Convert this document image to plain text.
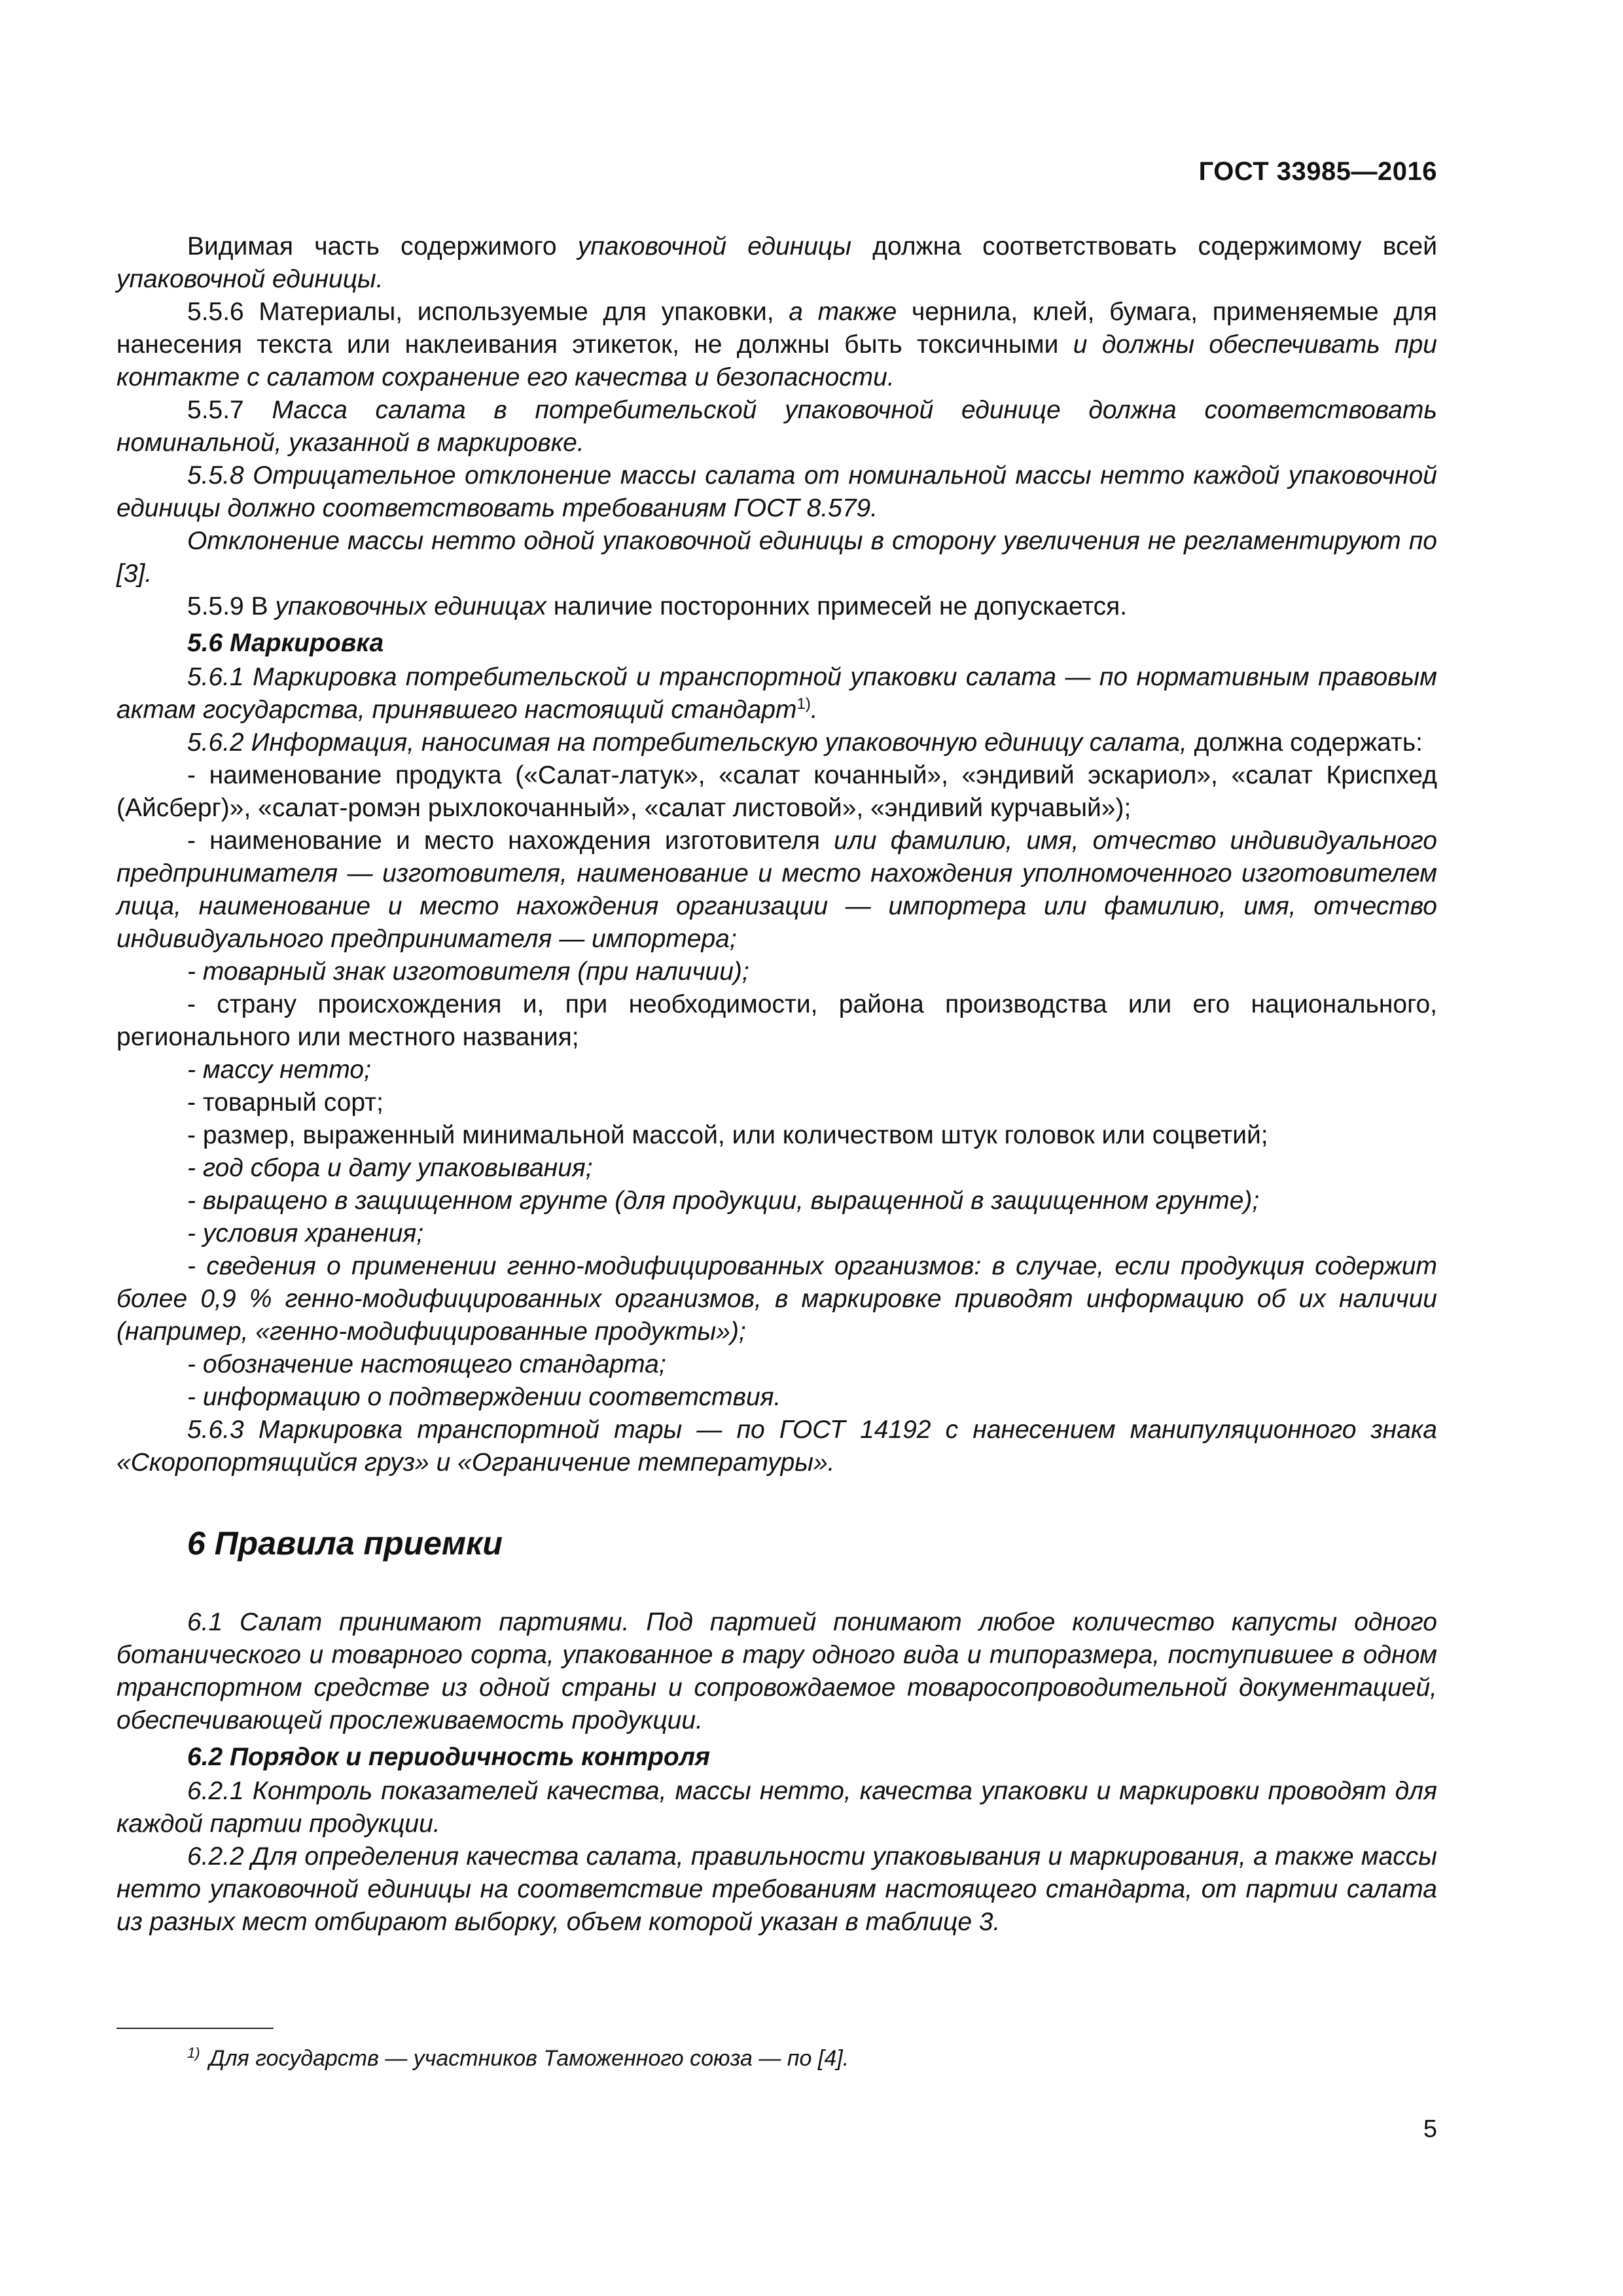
ГОСТ 33985—2016

Видимая часть содержимого упаковочной единицы должна соответствовать содержимому всей упаковочной единицы.

5.5.6 Материалы, используемые для упаковки, а также чернила, клей, бумага, применяемые для нанесения текста или наклеивания этикеток, не должны быть токсичными и должны обеспечивать при контакте с салатом сохранение его качества и безопасности.

5.5.7 Масса салата в потребительской упаковочной единице должна соответствовать номинальной, указанной в маркировке.

5.5.8 Отрицательное отклонение массы салата от номинальной массы нетто каждой упаковочной единицы должно соответствовать требованиям ГОСТ 8.579.

Отклонение массы нетто одной упаковочной единицы в сторону увеличения не регламентируют по [3].

5.5.9 В упаковочных единицах наличие посторонних примесей не допускается.

5.6 Маркировка

5.6.1 Маркировка потребительской и транспортной упаковки салата — по нормативным правовым актам государства, принявшего настоящий стандарт$^{1)}$.

5.6.2 Информация, наносимая на потребительскую упаковочную единицу салата, должна содержать:

- наименование продукта («Салат-латук», «салат кочанный», «эндивий эскариол», «салат Криспхед (Айсберг)», «салат-ромэн рыхлокочанный», «салат листовой», «эндивий курчавый»);

- наименование и место нахождения изготовителя или фамилию, имя, отчество индивидуального предпринимателя — изготовителя, наименование и место нахождения уполномоченного изготовителем лица, наименование и место нахождения организации — импортера или фамилию, имя, отчество индивидуального предпринимателя — импортера;

- товарный знак изготовителя (при наличии);

- страну происхождения и, при необходимости, района производства или его национального, регионального или местного названия;

- массу нетто;

- товарный сорт;

- размер, выраженный минимальной массой, или количеством штук головок или соцветий;

- год сбора и дату упаковывания;

- выращено в защищенном грунте (для продукции, выращенной в защищенном грунте);

- условия хранения;

- сведения о применении генно-модифицированных организмов: в случае, если продукция содержит более 0,9 % генно-модифицированных организмов, в маркировке приводят информацию об их наличии (например, «генно-модифицированные продукты»);

- обозначение настоящего стандарта;

- информацию о подтверждении соответствия.

5.6.3 Маркировка транспортной тары — по ГОСТ 14192 с нанесением манипуляционного знака «Скоропортящийся груз» и «Ограничение температуры».

6 Правила приемки

6.1 Салат принимают партиями. Под партией понимают любое количество капусты одного ботанического и товарного сорта, упакованное в тару одного вида и типоразмера, поступившее в одном транспортном средстве из одной страны и сопровождаемое товаросопроводительной документацией, обеспечивающей прослеживаемость продукции.

6.2 Порядок и периодичность контроля

6.2.1 Контроль показателей качества, массы нетто, качества упаковки и маркировки проводят для каждой партии продукции.

6.2.2 Для определения качества салата, правильности упаковывания и маркирования, а также массы нетто упаковочной единицы на соответствие требованиям настоящего стандарта, от партии салата из разных мест отбирают выборку, объем которой указан в таблице 3.

$^{1)}$ Для государств — участников Таможенного союза — по [4].
5
